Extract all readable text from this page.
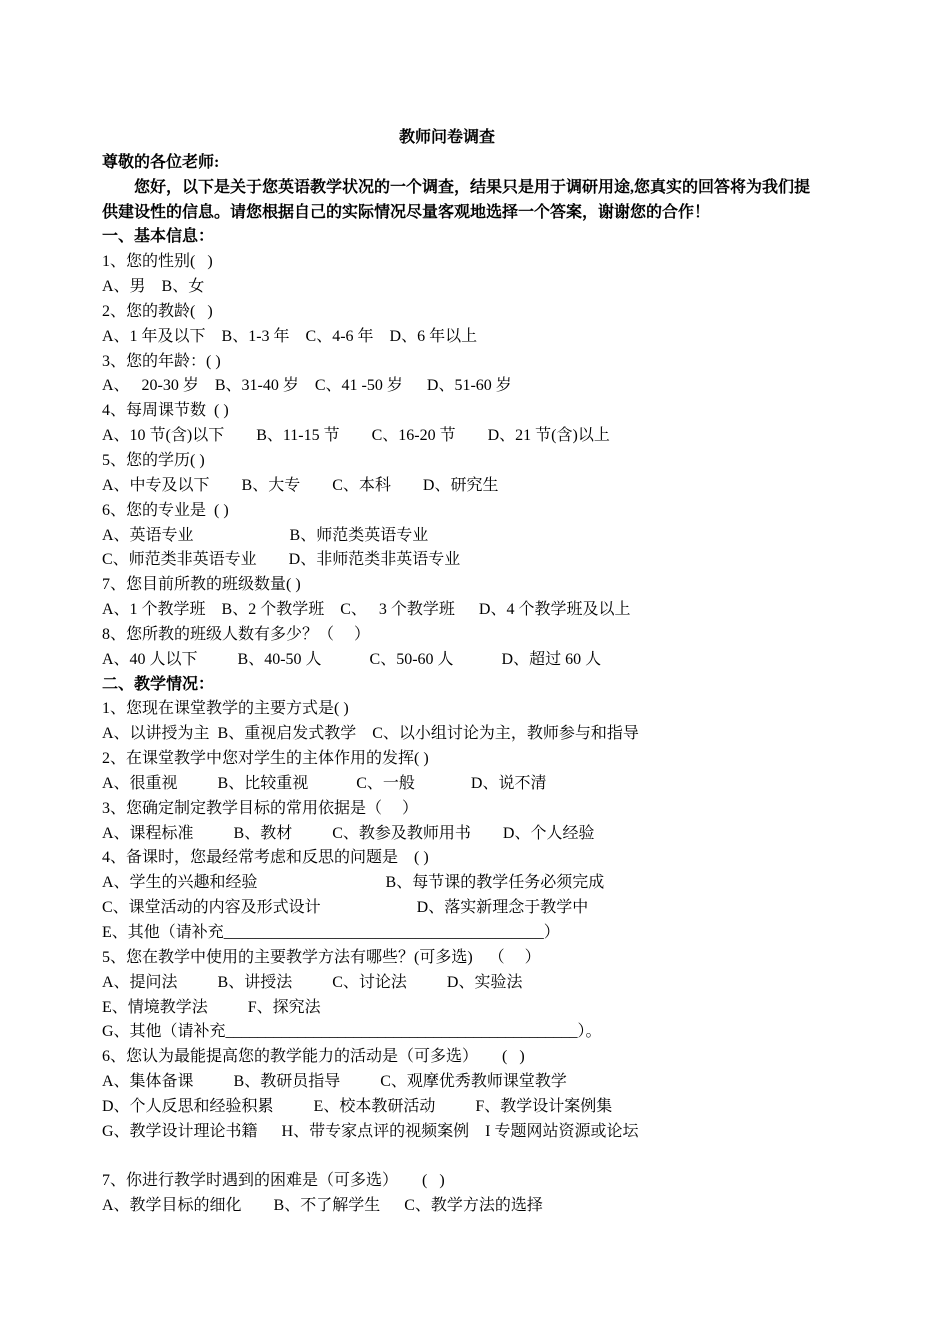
教师问卷调查
尊敬的各位老师:
您好，以下是关于您英语教学状况的一个调查，结果只是用于调研用途,您真实的回答将为我们提
供建设性的信息。请您根据自己的实际情况尽量客观地选择一个答案，谢谢您的合作！
一、基本信息：
1、您的性别(   )
A、男    B、女
2、您的教龄(   )
A、1 年及以下    B、1-3 年    C、4-6 年    D、6 年以上
3、您的年龄：( )
A、   20-30 岁    B、31-40 岁    C、41 -50 岁      D、51-60 岁
4、每周课节数  ( )
A、10 节(含)以下        B、11-15 节        C、16-20 节        D、21 节(含)以上
5、您的学历( )
A、中专及以下        B、大专        C、本科        D、研究生
6、您的专业是  ( )
A、英语专业                        B、师范类英语专业
C、师范类非英语专业        D、非师范类非英语专业
7、您目前所教的班级数量( )
A、1 个教学班    B、2 个教学班    C、   3 个教学班      D、4 个教学班及以上
8、您所教的班级人数有多少？（     ）
A、40 人以下          B、40-50 人            C、50-60 人            D、超过 60 人
二、教学情况：
1、您现在课堂教学的主要方式是( )
A、以讲授为主  B、重视启发式教学    C、以小组讨论为主，教师参与和指导
2、在课堂教学中您对学生的主体作用的发挥( )
A、很重视          B、比较重视            C、一般              D、说不清
3、您确定制定教学目标的常用依据是（     ）
A、课程标准          B、教材          C、教参及教师用书        D、个人经验
4、备课时，您最经常考虑和反思的问题是    ( )
A、学生的兴趣和经验                                B、每节课的教学任务必须完成
C、课堂活动的内容及形式设计                        D、落实新理念于教学中
E、其他（请补充________________________________________）
5、您在教学中使用的主要教学方法有哪些？(可多选)    （     ）
A、提问法          B、讲授法          C、讨论法          D、实验法
E、情境教学法          F、探究法
G、其他（请补充____________________________________________）。
6、您认为最能提高您的教学能力的活动是（可多选）      (   )
A、集体备课          B、教研员指导          C、观摩优秀教师课堂教学
D、个人反思和经验积累          E、校本教研活动          F、教学设计案例集
G、教学设计理论书籍      H、带专家点评的视频案例    I 专题网站资源或论坛
7、你进行教学时遇到的困难是（可多选）      (   )
A、教学目标的细化        B、不了解学生      C、教学方法的选择
